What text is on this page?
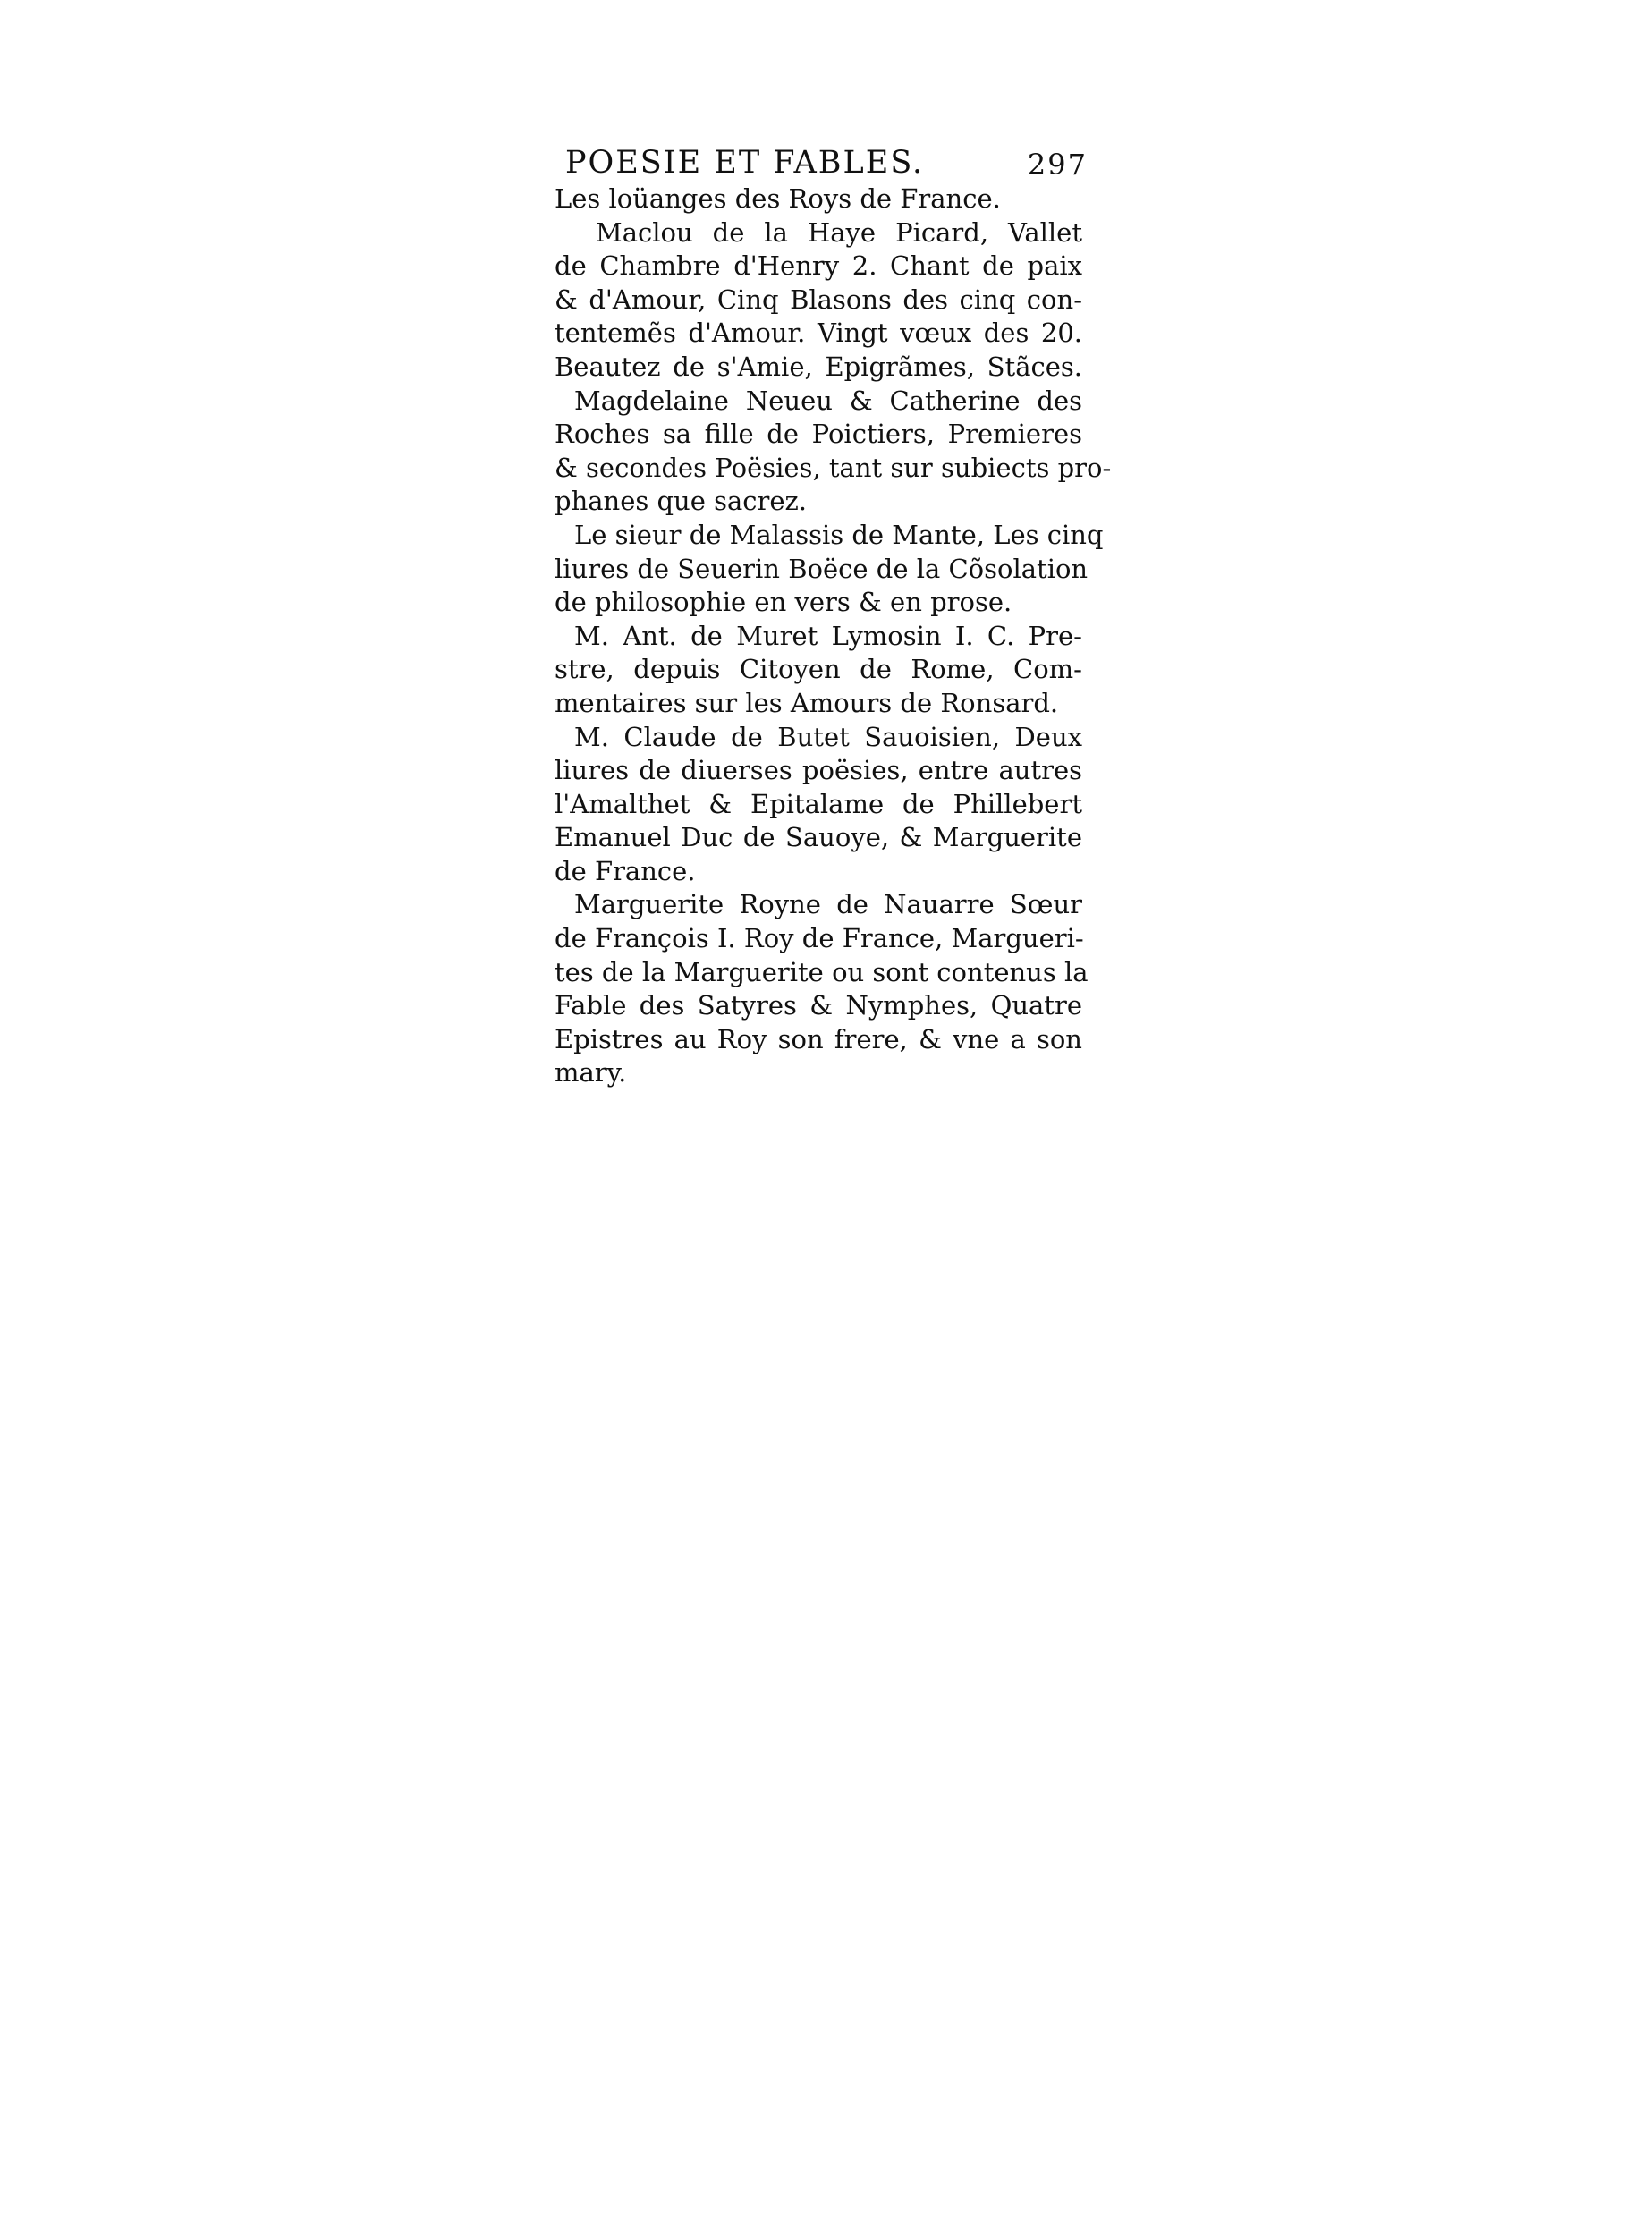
POESIE ET FABLES.	297
Les loüanges des Roys de France.
Maclou de la Haye Picard, Vallet
de Chambre d'Henry 2. Chant de paix
& d'Amour, Cinq Blasons des cinq con-
tentemẽs d'Amour. Vingt vœux des 20.
Beautez de s'Amie, Epigrãmes, Stãces.
Magdelaine Neueu & Catherine des
Roches sa fille de Poictiers, Premieres
& secondes Poësies, tant sur subiects pro-
phanes que sacrez.
Le sieur de Malassis de Mante, Les cinq
liures de Seuerin Boëce de la Cõsolation
de philosophie en vers & en prose.
M. Ant. de Muret Lymosin I. C. Pre-
stre, depuis Citoyen de Rome, Com-
mentaires sur les Amours de Ronsard.
M. Claude de Butet Sauoisien, Deux
liures de diuerses poësies, entre autres
l'Amalthet & Epitalame de Phillebert
Emanuel Duc de Sauoye, & Marguerite
de France.
Marguerite Royne de Nauarre Sœur
de François I. Roy de France, Margueri-
tes de la Marguerite ou sont contenus la
Fable des Satyres & Nymphes, Quatre
Epistres au Roy son frere, & vne a son
mary.
